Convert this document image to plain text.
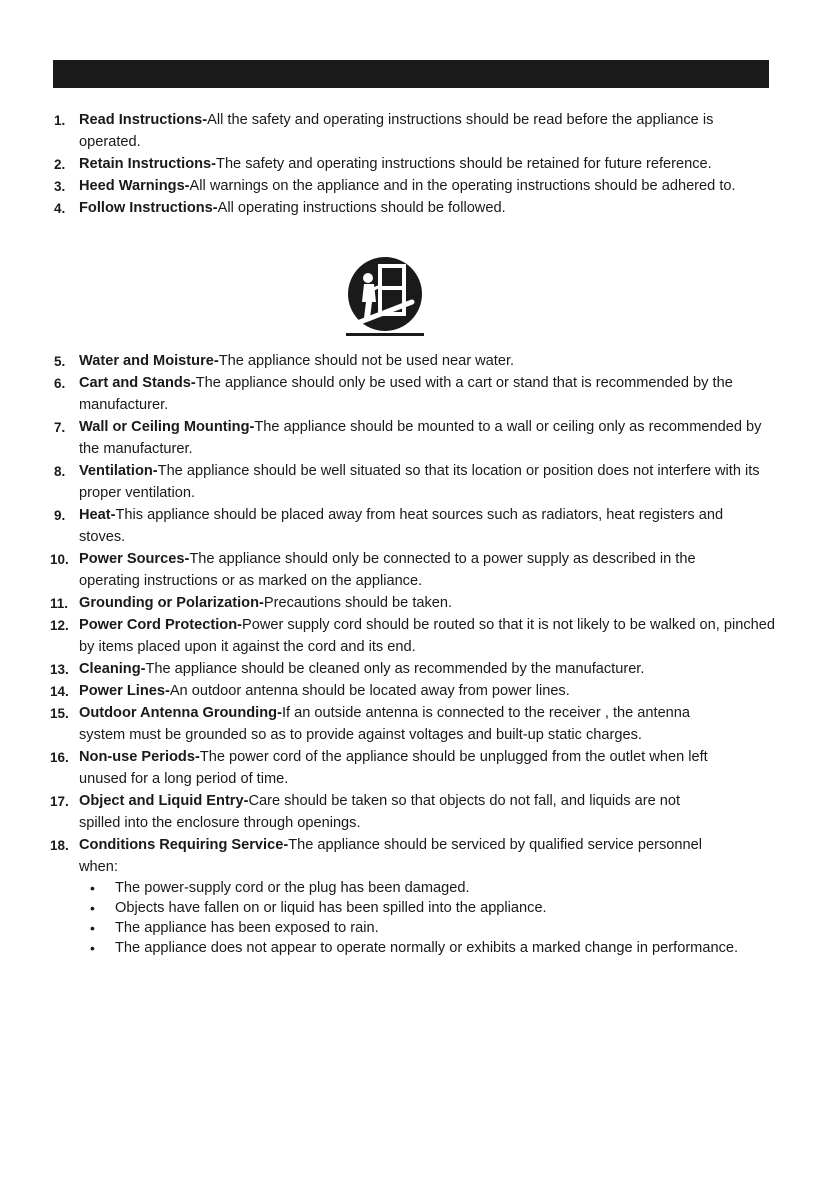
1. Read Instructions-All the safety and operating instructions should be read before the appliance is operated.
2. Retain Instructions-The safety and operating instructions should be retained for future reference.
3. Heed Warnings-All warnings on the appliance and in the operating instructions should be adhered to.
4. Follow Instructions-All operating instructions should be followed.
5. Water and Moisture-The appliance should not be used near water.
6. Cart and Stands-The appliance should only be used with a cart or stand that is recommended by the manufacturer.
7. Wall or Ceiling Mounting-The appliance should be mounted to a wall or ceiling only as recommended by the manufacturer.
8. Ventilation-The appliance should be well situated so that its location or position does not interfere with its proper ventilation.
9. Heat-This appliance should be placed away from heat sources such as radiators, heat registers and stoves.
10. Power Sources-The appliance should only be connected to a power supply as described in the operating instructions or as marked on the appliance.
11. Grounding or Polarization-Precautions should be taken.
12. Power Cord Protection-Power supply cord should be routed so that it is not likely to be walked on, pinched by items placed upon it against the cord and its end.
13. Cleaning-The appliance should be cleaned only as recommended by the manufacturer.
14. Power Lines-An outdoor antenna should be located away from power lines.
15. Outdoor Antenna Grounding-If an outside antenna is connected to the receiver , the antenna system must be grounded so as to provide against voltages and built-up static charges.
16. Non-use Periods-The power cord of the appliance should be unplugged from the outlet when left unused for a long period of time.
17. Object and Liquid Entry-Care should be taken so that objects do not fall, and liquids are not spilled into the enclosure through openings.
18. Conditions Requiring Service-The appliance should be serviced by qualified service personnel when:
• The power-supply cord or the plug has been damaged.
• Objects have fallen on or liquid has been spilled into the appliance.
• The appliance has been exposed to rain.
• The appliance does not appear to operate normally or exhibits a marked change in performance.
